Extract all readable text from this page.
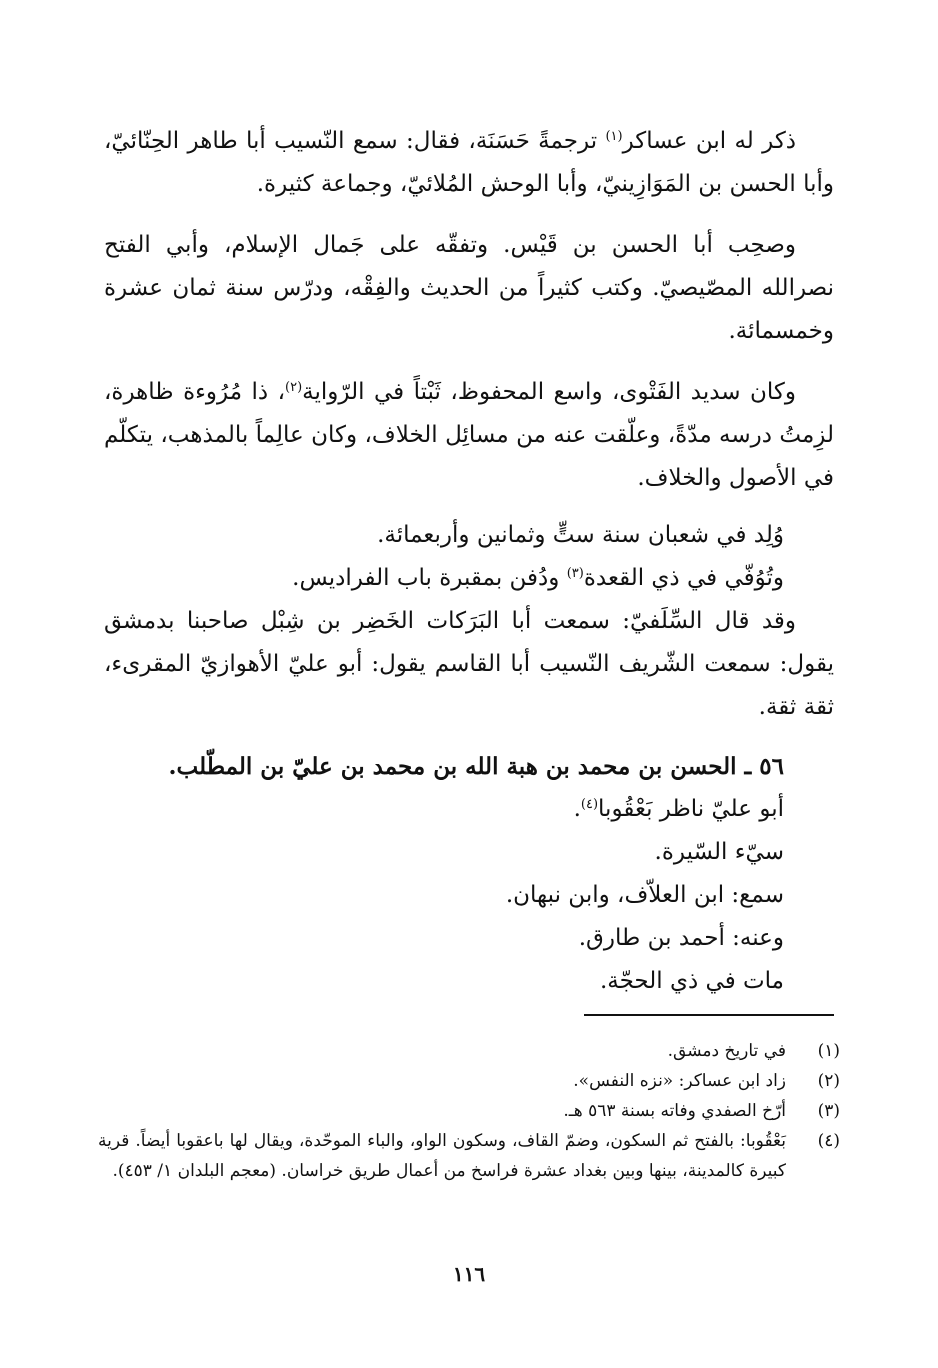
ذكر له ابن عساكر$^{(١)}$ ترجمةً حَسَنَة، فقال: سمع النّسيب أبا طاهر الحِنّائيّ، وأبا الحسن بن المَوَازِينيّ، وأبا الوحش المُلائيّ، وجماعة كثيرة.

وصحِب أبا الحسن بن قَيْس. وتفقّه على جَمال الإسلام، وأبي الفتح نصرالله المصّيصيّ. وكتب كثيراً من الحديث والفِقْه، ودرّس سنة ثمان عشرة وخمسمائة.

وكان سديد الفَتْوى، واسع المحفوظ، ثَبْتاً في الرّواية$^{(٢)}$، ذا مُرُوءة ظاهرة، لزِمتُ درسه مدّةً، وعلّقت عنه من مسائِل الخلاف، وكان عالِماً بالمذهب، يتكلّم في الأصول والخلاف.

وُلِد في شعبان سنة ستٍّ وثمانين وأربعمائة.

وتُوُفّي في ذي القعدة$^{(٣)}$ ودُفن بمقبرة باب الفراديس.

وقد قال السِّلَفيّ: سمعت أبا البَرَكات الخَضِر بن شِبْل صاحبنا بدمشق يقول: سمعت الشّريف النّسيب أبا القاسم يقول: أبو عليّ الأهوازيّ المقرىء، ثقة ثقة.

٥٦ ـ الحسن بن محمد بن هبة الله بن محمد بن عليّ بن المطّلب.

أبو عليّ ناظر بَعْقُوبا$^{(٤)}$.

سيّء السّيرة.

سمع: ابن العلاّف، وابن نبهان.

وعنه: أحمد بن طارق.

مات في ذي الحجّة.

(١)
في تاريخ دمشق.
(٢)
زاد ابن عساكر: «نزه النفس».
(٣)
أرّخ الصفدي وفاته بسنة ٥٦٣ هـ.
(٤)
بَعْقُوبا: بالفتح ثم السكون، وضمّ القاف، وسكون الواو، والباء الموحّدة، ويقال لها باعقوبا أيضاً. قرية كبيرة كالمدينة، بينها وبين بغداد عشرة فراسخ من أعمال طريق خراسان. (معجم البلدان ١/ ٤٥٣).
١١٦
